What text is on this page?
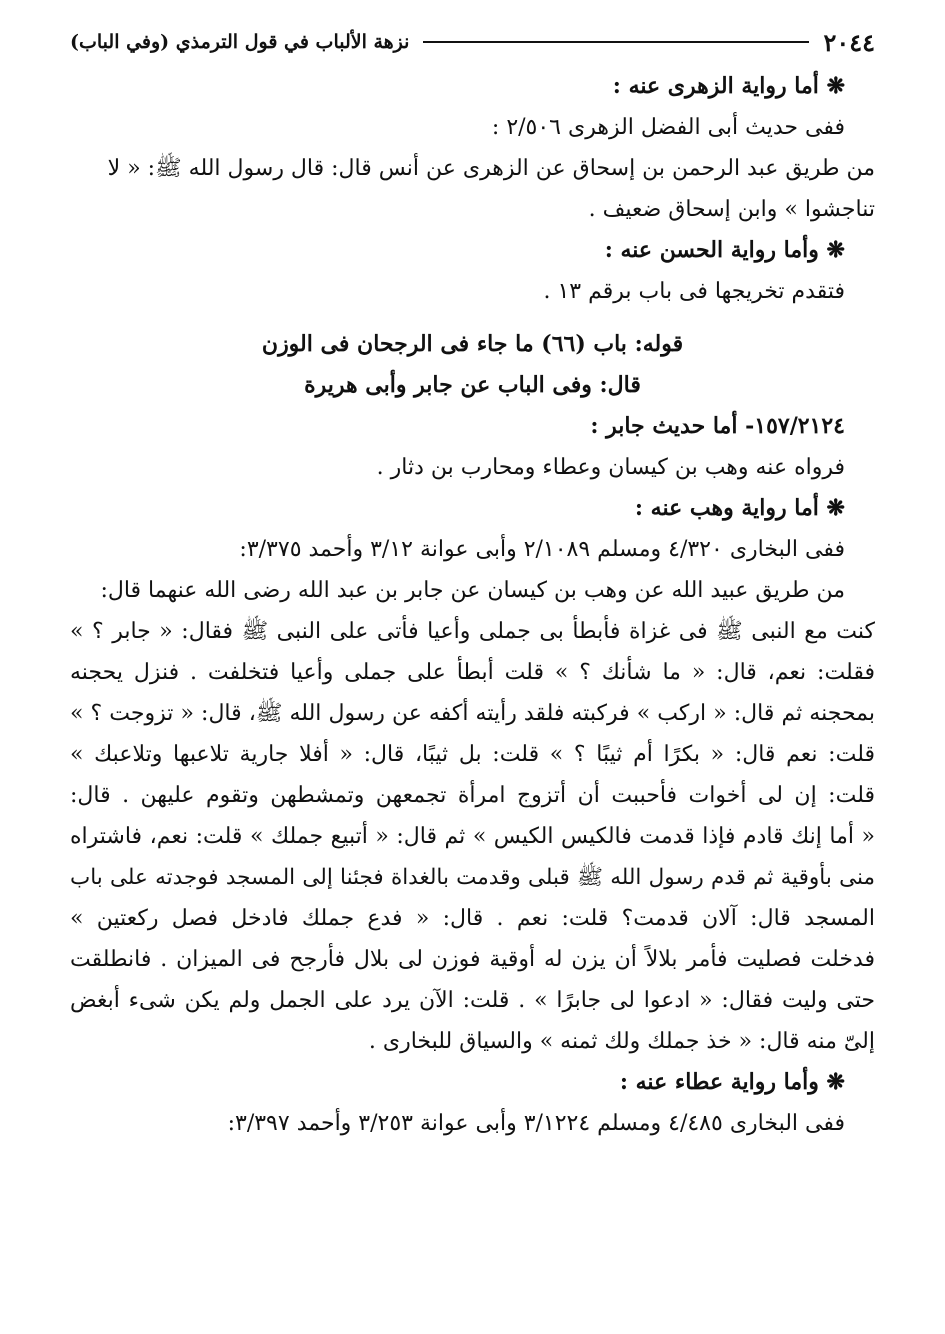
نزهة الألباب في قول الترمذي (وفي الباب)	٢٠٤٤
❋ أما رواية الزهرى عنه :
ففى حديث أبى الفضل الزهرى ٢/٥٠٦ :
من طريق عبد الرحمن بن إسحاق عن الزهرى عن أنس قال: قال رسول الله ﷺ: « لا
تناجشوا » وابن إسحاق ضعيف .
❋ وأما رواية الحسن عنه :
فتقدم تخريجها فى باب برقم ١٣ .
قوله: باب (٦٦) ما جاء فى الرجحان فى الوزن
قال: وفى الباب عن جابر وأبى هريرة
١٥٧/٢١٢٤- أما حديث جابر :
فرواه عنه وهب بن كيسان وعطاء ومحارب بن دثار .
❋ أما رواية وهب عنه :
ففى البخارى ٤/٣٢٠ ومسلم ٢/١٠٨٩ وأبى عوانة ٣/١٢ وأحمد ٣/٣٧٥:
من طريق عبيد الله عن وهب بن كيسان عن جابر بن عبد الله رضى الله عنهما قال:
كنت مع النبى ﷺ فى غزاة فأبطأ بى جملى وأعيا فأتى على النبى ﷺ فقال: « جابر ؟ »
فقلت: نعم، قال: « ما شأنك ؟ » قلت أبطأ على جملى وأعيا فتخلفت . فنزل يحجنه
بمحجنه ثم قال: « اركب » فركبته فلقد رأيته أكفه عن رسول الله ﷺ، قال: « تزوجت ؟ »
قلت: نعم قال: « بكرًا أم ثيبًا ؟ » قلت: بل ثيبًا، قال: « أفلا جارية تلاعبها وتلاعبك »
قلت: إن لى أخوات فأحببت أن أتزوج امرأة تجمعهن وتمشطهن وتقوم عليهن . قال:
« أما إنك قادم فإذا قدمت فالكيس الكيس » ثم قال: « أتبيع جملك » قلت: نعم، فاشتراه
منى بأوقية ثم قدم رسول الله ﷺ قبلى وقدمت بالغداة فجئنا إلى المسجد فوجدته على باب
المسجد قال: آلان قدمت؟ قلت: نعم . قال: « فدع جملك فادخل فصل ركعتين »
فدخلت فصليت فأمر بلالاً أن يزن له أوقية فوزن لى بلال فأرجح فى الميزان . فانطلقت
حتى وليت فقال: « ادعوا لى جابرًا » . قلت: الآن يرد على الجمل ولم يكن شىء أبغض
إلىّ منه قال: « خذ جملك ولك ثمنه » والسياق للبخارى .
❋ وأما رواية عطاء عنه :
ففى البخارى ٤/٤٨٥ ومسلم ٣/١٢٢٤ وأبى عوانة ٣/٢٥٣ وأحمد ٣/٣٩٧:
